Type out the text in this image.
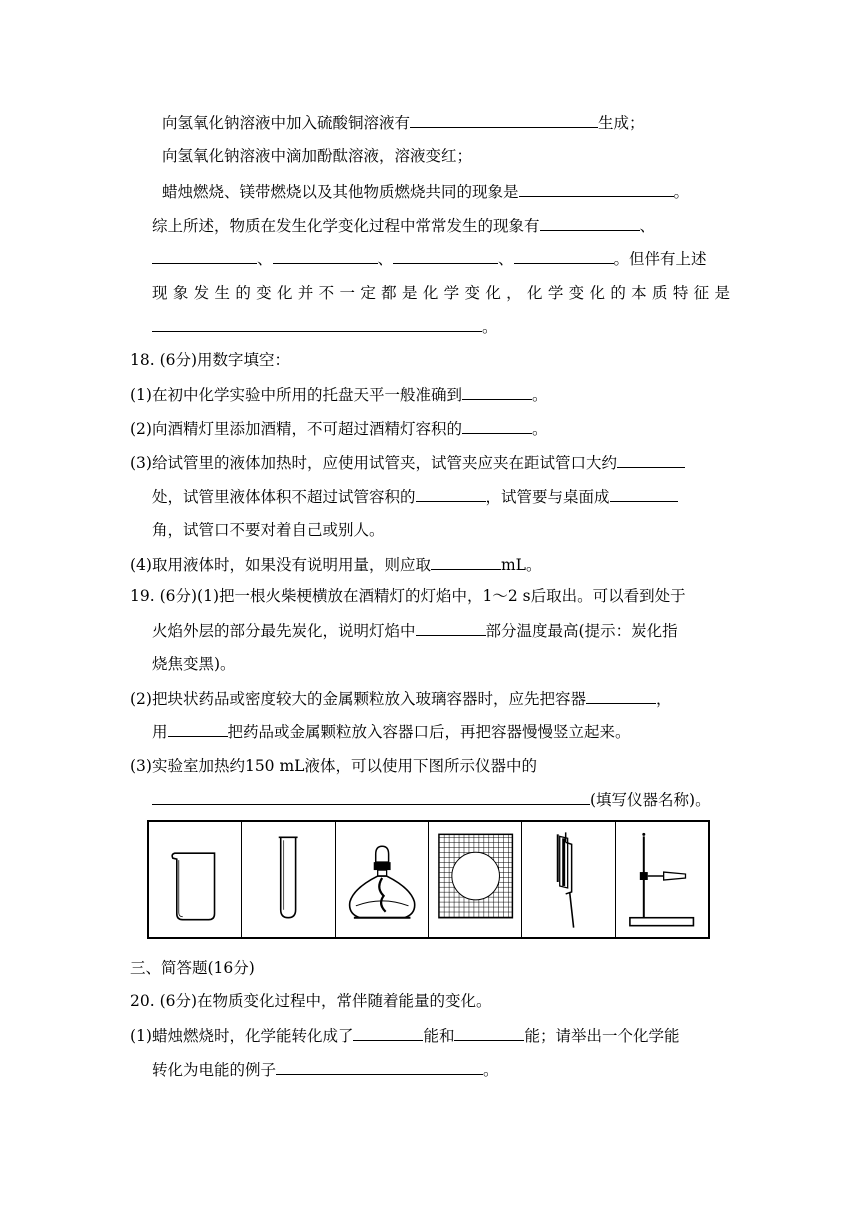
向氢氧化钠溶液中加入硫酸铜溶液有	生成；
向氢氧化钠溶液中滴加酚酞溶液，溶液变红；
蜡烛燃烧、镁带燃烧以及其他物质燃烧共同的现象是	。
综上所述，物质在发生化学变化过程中常常发生的现象有	、
、	、	、	。但伴有上述
现象发生的变化并不一定都是化学变化，化学变化的本质特征是
。
18. (6分)用数字填空：
(1)在初中化学实验中所用的托盘天平一般准确到	。
(2)向酒精灯里添加酒精，不可超过酒精灯容积的	。
(3)给试管里的液体加热时，应使用试管夹，试管夹应夹在距试管口大约
处，试管里液体体积不超过试管容积的	，试管要与桌面成
角，试管口不要对着自己或别人。
(4)取用液体时，如果没有说明用量，则应取	mL。
19. (6分)(1)把一根火柴梗横放在酒精灯的灯焰中，1～2 s后取出。可以看到处于
火焰外层的部分最先炭化，说明灯焰中	部分温度最高(提示：炭化指
烧焦变黑)。
(2)把块状药品或密度较大的金属颗粒放入玻璃容器时，应先把容器	，
用	把药品或金属颗粒放入容器口后，再把容器慢慢竖立起来。
(3)实验室加热约150 mL液体，可以使用下图所示仪器中的
(填写仪器名称)。
三、简答题(16分)
20. (6分)在物质变化过程中，常伴随着能量的变化。
(1)蜡烛燃烧时，化学能转化成了	能和	能；请举出一个化学能
转化为电能的例子	。
